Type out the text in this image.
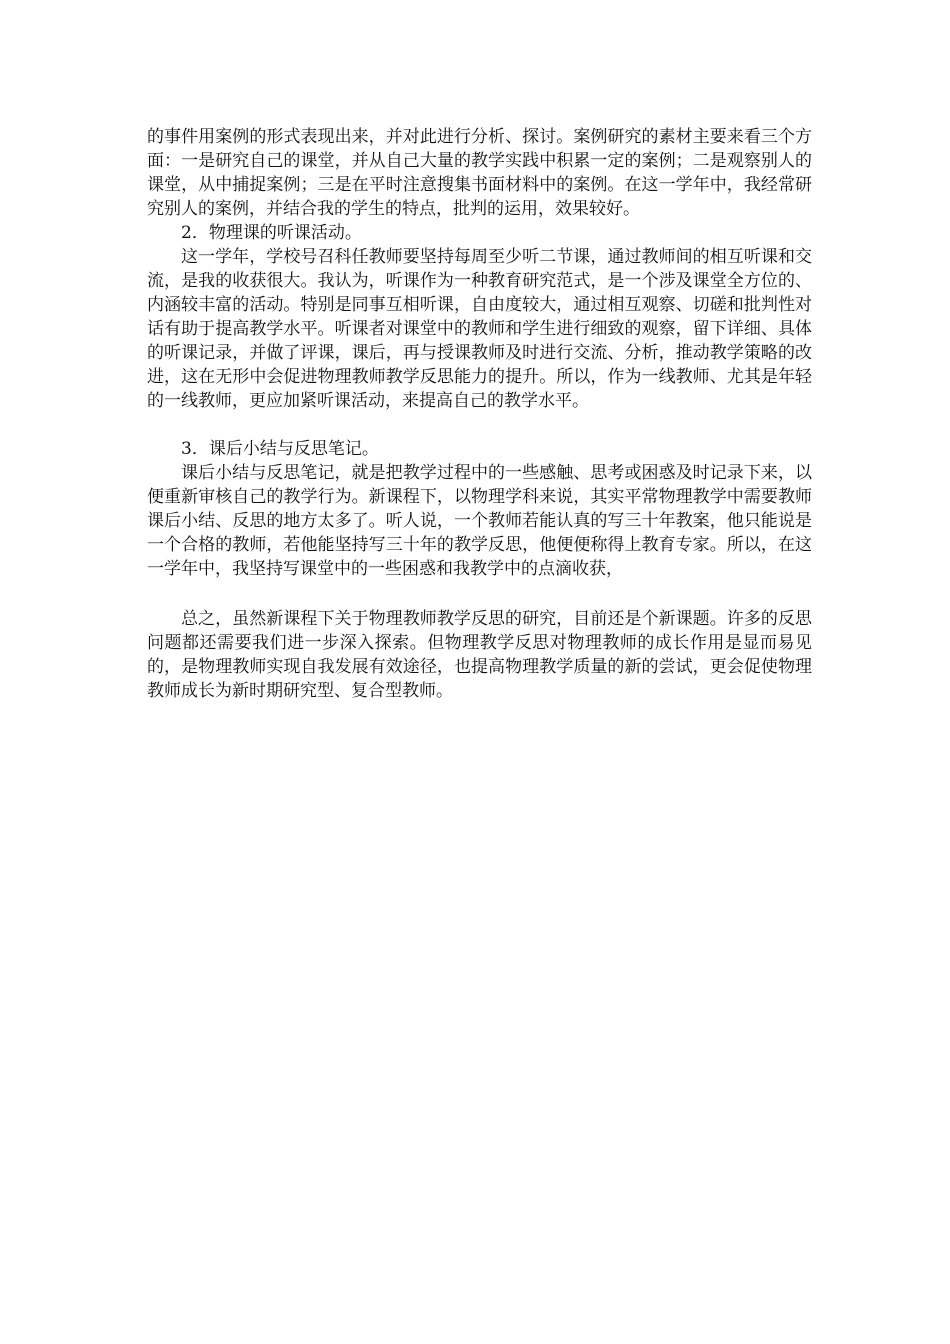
的事件用案例的形式表现出来，并对此进行分析、探讨。案例研究的素材主要来看三个方面：一是研究自己的课堂，并从自己大量的教学实践中积累一定的案例；二是观察别人的课堂，从中捕捉案例；三是在平时注意搜集书面材料中的案例。在这一学年中，我经常研究别人的案例，并结合我的学生的特点，批判的运用，效果较好。

2．物理课的听课活动。

这一学年，学校号召科任教师要坚持每周至少听二节课，通过教师间的相互听课和交流，是我的收获很大。我认为，听课作为一种教育研究范式，是一个涉及课堂全方位的、内涵较丰富的活动。特别是同事互相听课，自由度较大，通过相互观察、切磋和批判性对话有助于提高教学水平。听课者对课堂中的教师和学生进行细致的观察，留下详细、具体的听课记录，并做了评课，课后，再与授课教师及时进行交流、分析，推动教学策略的改进，这在无形中会促进物理教师教学反思能力的提升。所以，作为一线教师、尤其是年轻的一线教师，更应加紧听课活动，来提高自己的教学水平。

3．课后小结与反思笔记。

课后小结与反思笔记，就是把教学过程中的一些感触、思考或困惑及时记录下来，以便重新审核自己的教学行为。新课程下，以物理学科来说，其实平常物理教学中需要教师课后小结、反思的地方太多了。听人说，一个教师若能认真的写三十年教案，他只能说是一个合格的教师，若他能坚持写三十年的教学反思，他便便称得上教育专家。所以，在这一学年中，我坚持写课堂中的一些困惑和我教学中的点滴收获，

总之，虽然新课程下关于物理教师教学反思的研究，目前还是个新课题。许多的反思问题都还需要我们进一步深入探索。但物理教学反思对物理教师的成长作用是显而易见的，是物理教师实现自我发展有效途径，也提高物理教学质量的新的尝试，更会促使物理教师成长为新时期研究型、复合型教师。
